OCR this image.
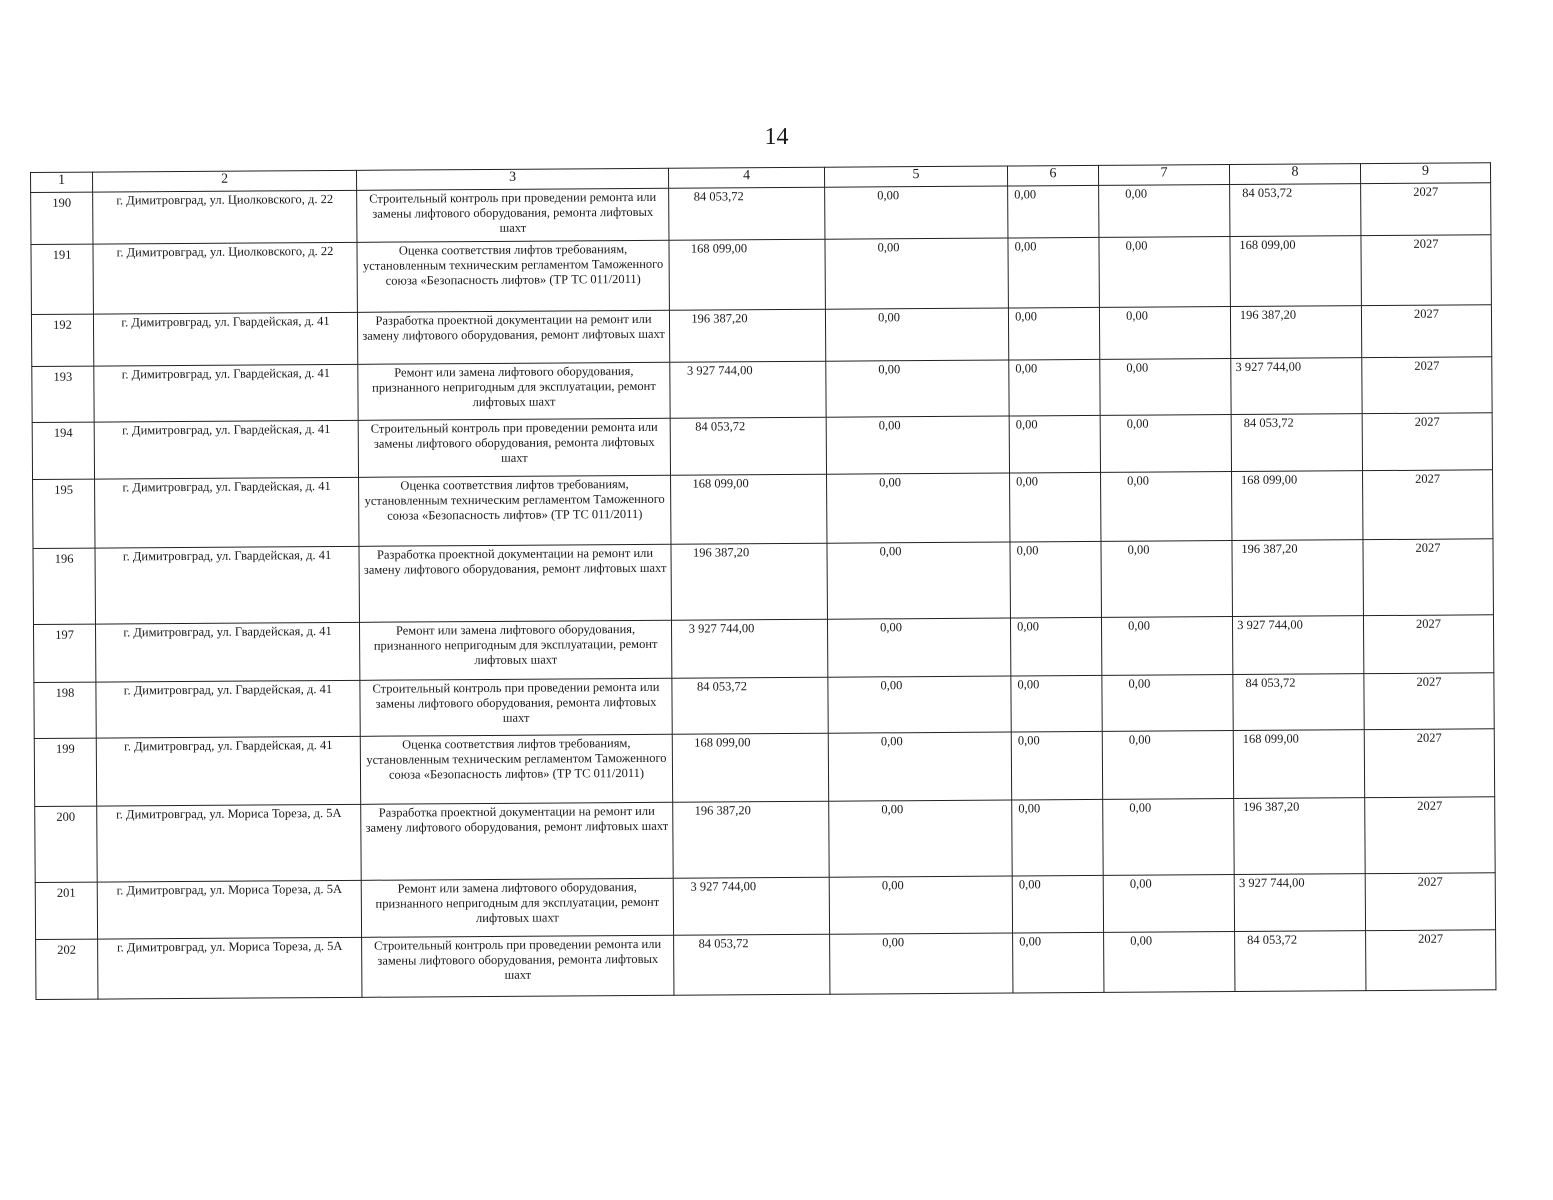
14
1	2	3	4	5	6	7	8	9
190	г. Димитровград, ул. Циолковского, д. 22	Строительный контроль при проведении ремонта или замены лифтового оборудования, ремонта лифтовых шахт	84 053,72	0,00	0,00	0,00	84 053,72	2027
191	г. Димитровград, ул. Циолковского, д. 22	Оценка соответствия лифтов требованиям, установленным техническим регламентом Таможенного союза «Безопасность лифтов» (ТР ТС 011/2011)	168 099,00	0,00	0,00	0,00	168 099,00	2027
192	г. Димитровград, ул. Гвардейская, д. 41	Разработка проектной документации на ремонт или замену лифтового оборудования, ремонт лифтовых шахт	196 387,20	0,00	0,00	0,00	196 387,20	2027
193	г. Димитровград, ул. Гвардейская, д. 41	Ремонт или замена лифтового оборудования, признанного непригодным для эксплуатации, ремонт лифтовых шахт	3 927 744,00	0,00	0,00	0,00	3 927 744,00	2027
194	г. Димитровград, ул. Гвардейская, д. 41	Строительный контроль при проведении ремонта или замены лифтового оборудования, ремонта лифтовых шахт	84 053,72	0,00	0,00	0,00	84 053,72	2027
195	г. Димитровград, ул. Гвардейская, д. 41	Оценка соответствия лифтов требованиям, установленным техническим регламентом Таможенного союза «Безопасность лифтов» (ТР ТС 011/2011)	168 099,00	0,00	0,00	0,00	168 099,00	2027
196	г. Димитровград, ул. Гвардейская, д. 41	Разработка проектной документации на ремонт или замену лифтового оборудования, ремонт лифтовых шахт	196 387,20	0,00	0,00	0,00	196 387,20	2027
197	г. Димитровград, ул. Гвардейская, д. 41	Ремонт или замена лифтового оборудования, признанного непригодным для эксплуатации, ремонт лифтовых шахт	3 927 744,00	0,00	0,00	0,00	3 927 744,00	2027
198	г. Димитровград, ул. Гвардейская, д. 41	Строительный контроль при проведении ремонта или замены лифтового оборудования, ремонта лифтовых шахт	84 053,72	0,00	0,00	0,00	84 053,72	2027
199	г. Димитровград, ул. Гвардейская, д. 41	Оценка соответствия лифтов требованиям, установленным техническим регламентом Таможенного союза «Безопасность лифтов» (ТР ТС 011/2011)	168 099,00	0,00	0,00	0,00	168 099,00	2027
200	г. Димитровград, ул. Мориса Тореза, д. 5А	Разработка проектной документации на ремонт или замену лифтового оборудования, ремонт лифтовых шахт	196 387,20	0,00	0,00	0,00	196 387,20	2027
201	г. Димитровград, ул. Мориса Тореза, д. 5А	Ремонт или замена лифтового оборудования, признанного непригодным для эксплуатации, ремонт лифтовых шахт	3 927 744,00	0,00	0,00	0,00	3 927 744,00	2027
202	г. Димитровград, ул. Мориса Тореза, д. 5А	Строительный контроль при проведении ремонта или замены лифтового оборудования, ремонта лифтовых шахт	84 053,72	0,00	0,00	0,00	84 053,72	2027
